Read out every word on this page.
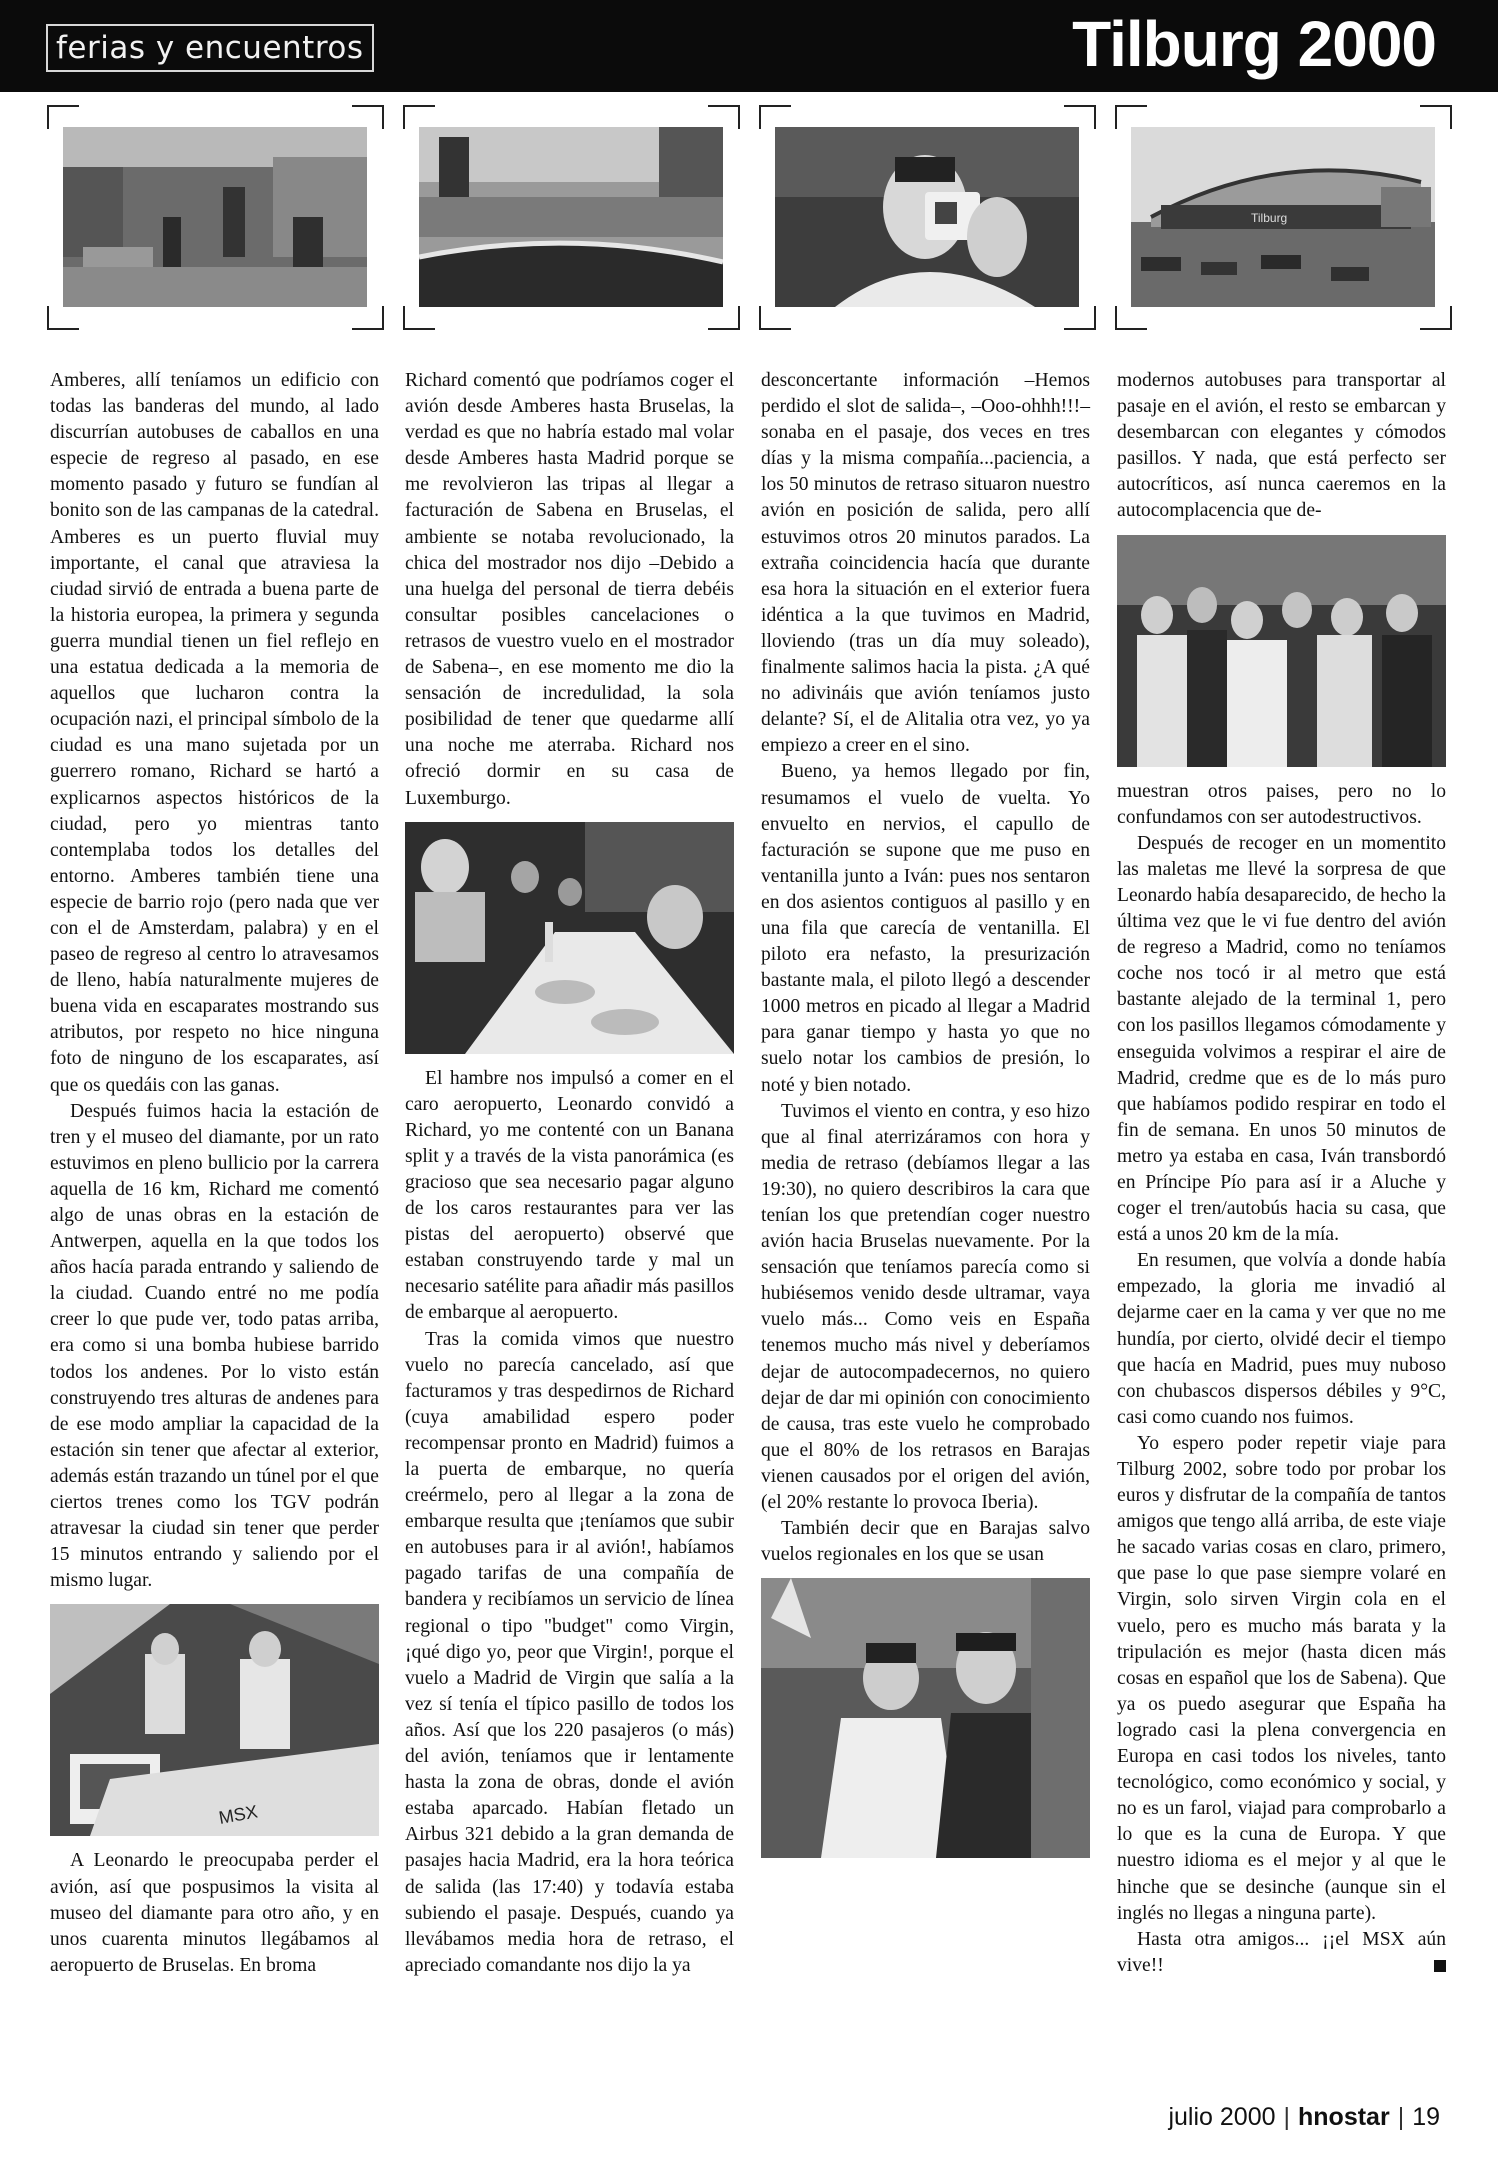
ferias y encuentros	Tilburg 2000
Tilburg

Amberes, allí teníamos un edificio con todas las banderas del mundo, al lado discurrían autobuses de caballos en una especie de regreso al pasado, en ese momento pasado y futuro se fundían al bonito son de las campanas de la catedral. Amberes es un puerto fluvial muy importante, el canal que atraviesa la ciudad sirvió de entrada a buena parte de la historia europea, la primera y segunda guerra mundial tienen un fiel reflejo en una estatua dedicada a la memoria de aquellos que lucharon contra la ocupación nazi, el principal símbolo de la ciudad es una mano sujetada por un guerrero romano, Richard se hartó a explicarnos aspectos históricos de la ciudad, pero yo mientras tanto contemplaba todos los detalles del entorno. Amberes también tiene una especie de barrio rojo (pero nada que ver con el de Amsterdam, palabra) y en el paseo de regreso al centro lo atravesamos de lleno, había naturalmente mujeres de buena vida en escaparates mostrando sus atributos, por respeto no hice ninguna foto de ninguno de los escaparates, así que os quedáis con las ganas.

Después fuimos hacia la estación de tren y el museo del diamante, por un rato estuvimos en pleno bullicio por la carrera aquella de 16 km, Richard me comentó algo de unas obras en la estación de Antwerpen, aquella en la que todos los años hacía parada entrando y saliendo de la ciudad. Cuando entré no me podía creer lo que pude ver, todo patas arriba, era como si una bomba hubiese barrido todos los andenes. Por lo visto están construyendo tres alturas de andenes para de ese modo ampliar la capacidad de la estación sin tener que afectar al exterior, además están trazando un túnel por el que ciertos trenes como los TGV podrán atravesar la ciudad sin tener que perder 15 minutos entrando y saliendo por el mismo lugar.

MSX

A Leonardo le preocupaba perder el avión, así que pospusimos la visita al museo del diamante para otro año, y en unos cuarenta minutos llegábamos al aeropuerto de Bruselas. En broma

Richard comentó que podríamos coger el avión desde Amberes hasta Bruselas, la verdad es que no habría estado mal volar desde Amberes hasta Madrid porque se me revolvieron las tripas al llegar a facturación de Sabena en Bruselas, el ambiente se notaba revolucionado, la chica del mostrador nos dijo –Debido a una huelga del personal de tierra debéis consultar posibles cancelaciones o retrasos de vuestro vuelo en el mostrador de Sabena–, en ese momento me dio la sensación de incredulidad, la sola posibilidad de tener que quedarme allí una noche me aterraba. Richard nos ofreció dormir en su casa de Luxemburgo.

El hambre nos impulsó a comer en el caro aeropuerto, Leonardo convidó a Richard, yo me contenté con un Banana split y a través de la vista panorámica (es gracioso que sea necesario pagar alguno de los caros restaurantes para ver las pistas del aeropuerto) observé que estaban construyendo tarde y mal un necesario satélite para añadir más pasillos de embarque al aeropuerto.

Tras la comida vimos que nuestro vuelo no parecía cancelado, así que facturamos y tras despedirnos de Richard (cuya amabilidad espero poder recompensar pronto en Madrid) fuimos a la puerta de embarque, no quería creérmelo, pero al llegar a la zona de embarque resulta que ¡teníamos que subir en autobuses para ir al avión!, habíamos pagado tarifas de una compañía de bandera y recibíamos un servicio de línea regional o tipo "budget" como Virgin, ¡qué digo yo, peor que Virgin!, porque el vuelo a Madrid de Virgin que salía a la vez sí tenía el típico pasillo de todos los años. Así que los 220 pasajeros (o más) del avión, teníamos que ir lentamente hasta la zona de obras, donde el avión estaba aparcado. Habían fletado un Airbus 321 debido a la gran demanda de pasajes hacia Madrid, era la hora teórica de salida (las 17:40) y todavía estaba subiendo el pasaje. Después, cuando ya llevábamos media hora de retraso, el apreciado comandante nos dijo la ya

desconcertante información –Hemos perdido el slot de salida–, –Ooo-ohhh!!!– sonaba en el pasaje, dos veces en tres días y la misma compañía...paciencia, a los 50 minutos de retraso situaron nuestro avión en posición de salida, pero allí estuvimos otros 20 minutos parados. La extraña coincidencia hacía que durante esa hora la situación en el exterior fuera idéntica a la que tuvimos en Madrid, lloviendo (tras un día muy soleado), finalmente salimos hacia la pista. ¿A qué no adivináis que avión teníamos justo delante? Sí, el de Alitalia otra vez, yo ya empiezo a creer en el sino.

Bueno, ya hemos llegado por fin, resumamos el vuelo de vuelta. Yo envuelto en nervios, el capullo de facturación se supone que me puso en ventanilla junto a Iván: pues nos sentaron en dos asientos contiguos al pasillo y en una fila que carecía de ventanilla. El piloto era nefasto, la presurización bastante mala, el piloto llegó a descender 1000 metros en picado al llegar a Madrid para ganar tiempo y hasta yo que no suelo notar los cambios de presión, lo noté y bien notado.

Tuvimos el viento en contra, y eso hizo que al final aterrizáramos con hora y media de retraso (debíamos llegar a las 19:30), no quiero describiros la cara que tenían los que pretendían coger nuestro avión hacia Bruselas nuevamente. Por la sensación que teníamos parecía como si hubiésemos venido desde ultramar, vaya vuelo más... Como veis en España tenemos mucho más nivel y deberíamos dejar de autocompadecernos, no quiero dejar de dar mi opinión con conocimiento de causa, tras este vuelo he comprobado que el 80% de los retrasos en Barajas vienen causados por el origen del avión, (el 20% restante lo provoca Iberia).

También decir que en Barajas salvo vuelos regionales en los que se usan

modernos autobuses para transportar al pasaje en el avión, el resto se embarcan y desembarcan con elegantes y cómodos pasillos. Y nada, que está perfecto ser autocríticos, así nunca caeremos en la autocomplacencia que de-

muestran otros paises, pero no lo confundamos con ser autodestructivos.

Después de recoger en un momentito las maletas me llevé la sorpresa de que Leonardo había desaparecido, de hecho la última vez que le vi fue dentro del avión de regreso a Madrid, como no teníamos coche nos tocó ir al metro que está bastante alejado de la terminal 1, pero con los pasillos llegamos cómodamente y enseguida volvimos a respirar el aire de Madrid, credme que es de lo más puro que habíamos podido respirar en todo el fin de semana. En unos 50 minutos de metro ya estaba en casa, Iván transbordó en Príncipe Pío para así ir a Aluche y coger el tren/autobús hacia su casa, que está a unos 20 km de la mía.

En resumen, que volvía a donde había empezado, la gloria me invadió al dejarme caer en la cama y ver que no me hundía, por cierto, olvidé decir el tiempo que hacía en Madrid, pues muy nuboso con chubascos dispersos débiles y 9°C, casi como cuando nos fuimos.

Yo espero poder repetir viaje para Tilburg 2002, sobre todo por probar los euros y disfrutar de la compañía de tantos amigos que tengo allá arriba, de este viaje he sacado varias cosas en claro, primero, que pase lo que pase siempre volaré en Virgin, solo sirven Virgin cola en el vuelo, pero es mucho más barata y la tripulación es mejor (hasta dicen más cosas en español que los de Sabena). Que ya os puedo asegurar que España ha logrado casi la plena convergencia en Europa en casi todos los niveles, tanto tecnológico, como económico y social, y no es un farol, viajad para comprobarlo a lo que es la cuna de Europa. Y que nuestro idioma es el mejor y al que le hinche que se desinche (aunque sin el inglés no llegas a ninguna parte).

Hasta otra amigos... ¡¡el MSX aún vive!!

julio 2000 | hnostar | 19
